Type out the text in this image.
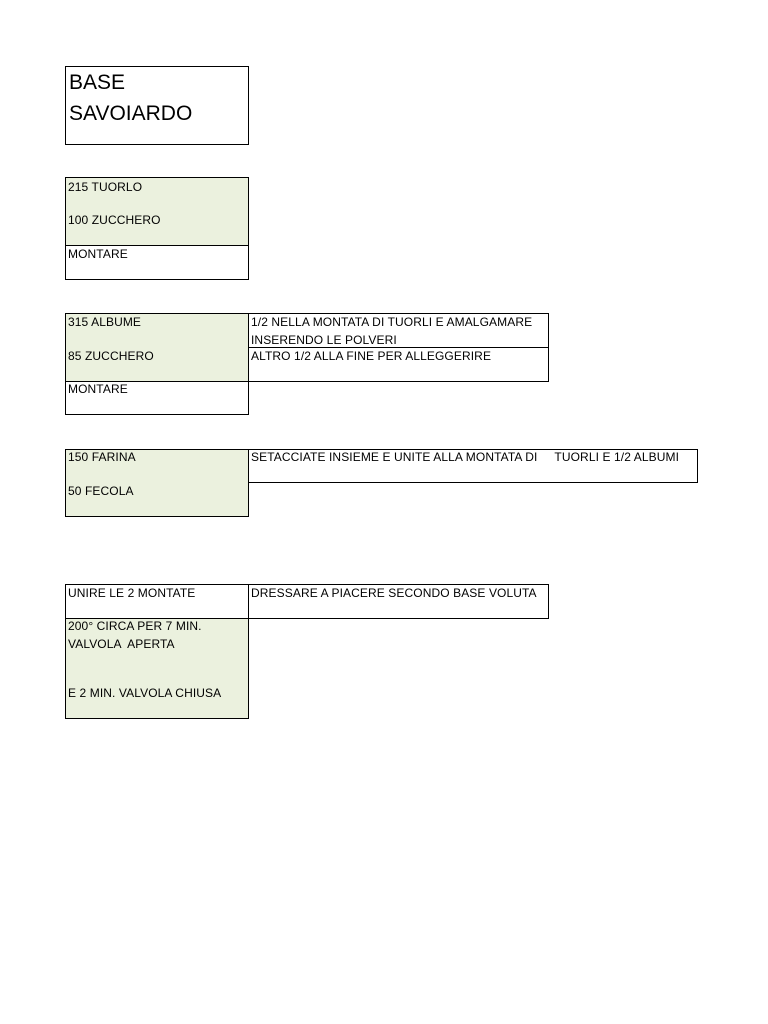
BASE
SAVOIARDO
215 TUORLO
100 ZUCCHERO
MONTARE
315 ALBUME
85 ZUCCHERO
1/2 NELLA MONTATA DI TUORLI E AMALGAMARE
INSERENDO LE POLVERI
ALTRO 1/2 ALLA FINE PER ALLEGGERIRE
MONTARE
150 FARINA
50 FECOLA
SETACCIATE INSIEME E UNITE ALLA MONTATA DI     TUORLI E 1/2 ALBUMI
UNIRE LE 2 MONTATE	DRESSARE A PIACERE SECONDO BASE VOLUTA
200° CIRCA PER 7 MIN.
VALVOLA  APERTA
E 2 MIN. VALVOLA CHIUSA
